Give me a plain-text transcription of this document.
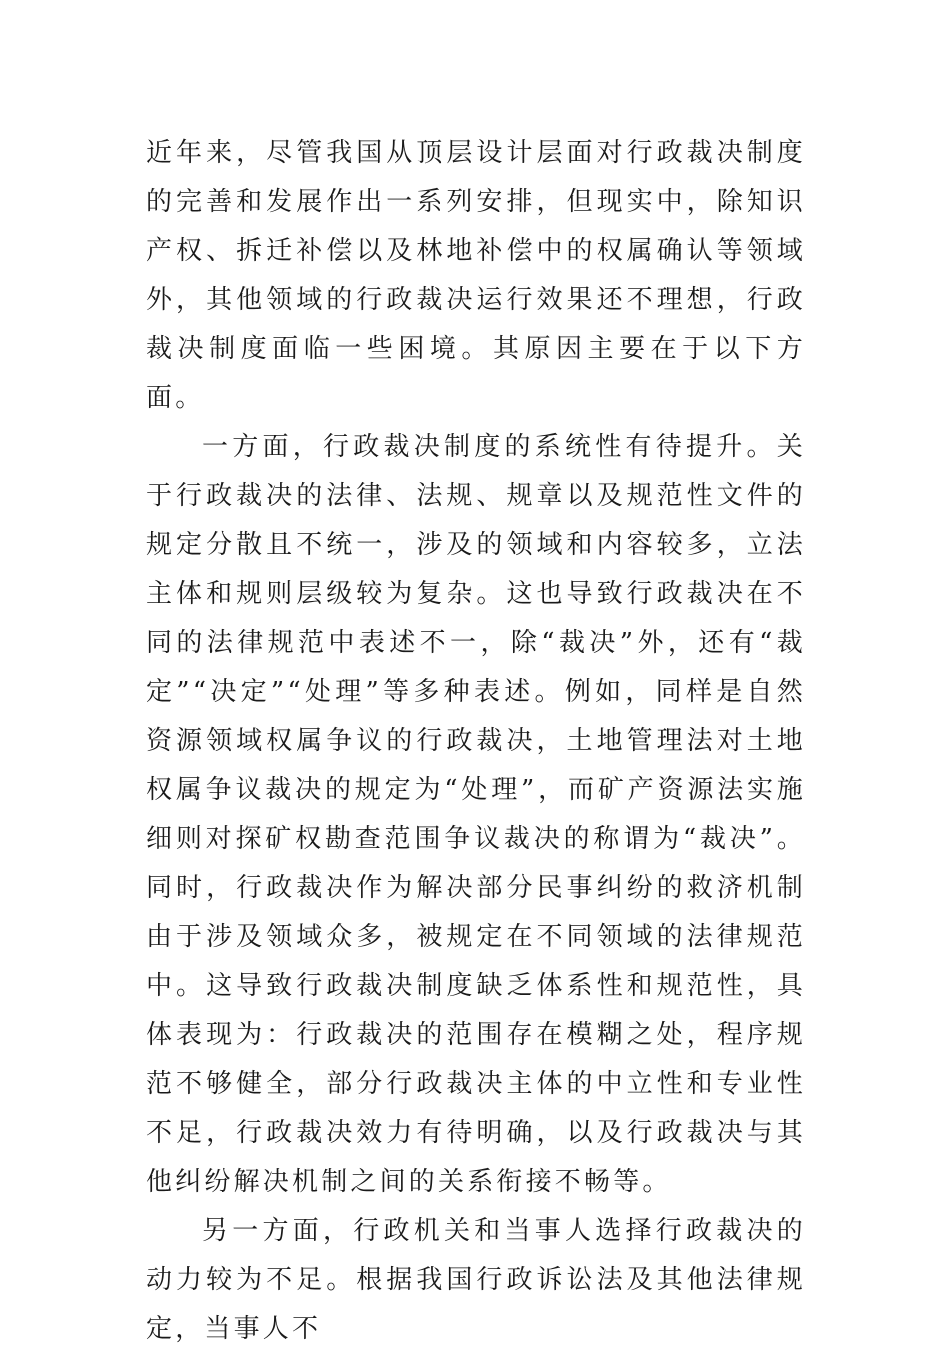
近年来，尽管我国从顶层设计层面对行政裁决制度的完善和发展作出一系列安排，但现实中，除知识产权、拆迁补偿以及林地补偿中的权属确认等领域外，其他领域的行政裁决运行效果还不理想，行政裁决制度面临一些困境。其原因主要在于以下方面。

一方面，行政裁决制度的系统性有待提升。关于行政裁决的法律、法规、规章以及规范性文件的规定分散且不统一，涉及的领域和内容较多，立法主体和规则层级较为复杂。这也导致行政裁决在不同的法律规范中表述不一，除“裁决”外，还有“裁定”“决定”“处理”等多种表述。例如，同样是自然资源领域权属争议的行政裁决，土地管理法对土地权属争议裁决的规定为“处理”，而矿产资源法实施细则对探矿权勘查范围争议裁决的称谓为“裁决”。同时，行政裁决作为解决部分民事纠纷的救济机制由于涉及领域众多，被规定在不同领域的法律规范中。这导致行政裁决制度缺乏体系性和规范性，具体表现为：行政裁决的范围存在模糊之处，程序规范不够健全，部分行政裁决主体的中立性和专业性不足，行政裁决效力有待明确，以及行政裁决与其他纠纷解决机制之间的关系衔接不畅等。

另一方面，行政机关和当事人选择行政裁决的动力较为不足。根据我国行政诉讼法及其他法律规定，当事人不
